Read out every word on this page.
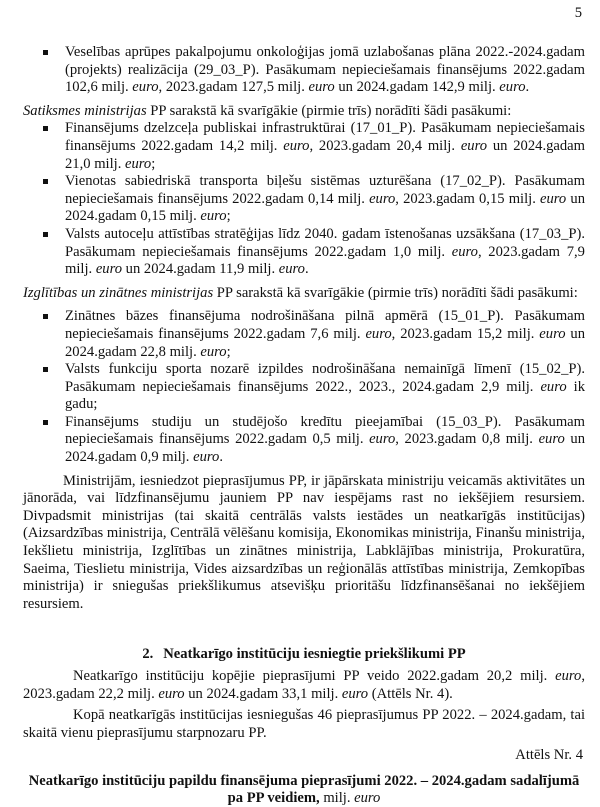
5
Veselības aprūpes pakalpojumu onkoloģijas jomā uzlabošanas plāna 2022.-2024.gadam (projekts) realizācija (29_03_P). Pasākumam nepieciešamais finansējums 2022.gadam 102,6 milj. euro, 2023.gadam 127,5 milj. euro un 2024.gadam 142,9 milj. euro.

Satiksmes ministrijas PP sarakstā kā svarīgākie (pirmie trīs) norādīti šādi pasākumi:

Finansējums dzelzceļa publiskai infrastruktūrai (17_01_P). Pasākumam nepieciešamais finansējums 2022.gadam 14,2 milj. euro, 2023.gadam 20,4 milj. euro un 2024.gadam 21,0 milj. euro;
Vienotas sabiedriskā transporta biļešu sistēmas uzturēšana (17_02_P). Pasākumam nepieciešamais finansējums 2022.gadam 0,14 milj. euro, 2023.gadam 0,15 milj. euro un 2024.gadam 0,15 milj. euro;
Valsts autoceļu attīstības stratēģijas līdz 2040. gadam īstenošanas uzsākšana (17_03_P). Pasākumam nepieciešamais finansējums 2022.gadam 1,0 milj. euro, 2023.gadam 7,9 milj. euro un 2024.gadam 11,9 milj. euro.

Izglītības un zinātnes ministrijas PP sarakstā kā svarīgākie (pirmie trīs) norādīti šādi pasākumi:

Zinātnes bāzes finansējuma nodrošināšana pilnā apmērā (15_01_P). Pasākumam nepieciešamais finansējums 2022.gadam 7,6 milj. euro, 2023.gadam 15,2 milj. euro un 2024.gadam 22,8 milj. euro;
Valsts funkciju sporta nozarē izpildes nodrošināšana nemainīgā līmenī (15_02_P). Pasākumam nepieciešamais finansējums 2022., 2023., 2024.gadam 2,9 milj. euro ik gadu;
Finansējums studiju un studējošo kredītu pieejamībai (15_03_P). Pasākumam nepieciešamais finansējums 2022.gadam 0,5 milj. euro, 2023.gadam 0,8 milj. euro un 2024.gadam 0,9 milj. euro.

Ministrijām, iesniedzot pieprasījumus PP, ir jāpārskata ministriju veicamās aktivitātes un jānorāda, vai līdzfinansējumu jauniem PP nav iespējams rast no iekšējiem resursiem. Divpadsmit ministrijas (tai skaitā centrālās valsts iestādes un neatkarīgās institūcijas) (Aizsardzības ministrija, Centrālā vēlēšanu komisija, Ekonomikas ministrija, Finanšu ministrija, Iekšlietu ministrija, Izglītības un zinātnes ministrija, Labklājības ministrija, Prokuratūra, Saeima, Tieslietu ministrija, Vides aizsardzības un reģionālās attīstības ministrija, Zemkopības ministrija) ir sniegušas priekšlikumus atsevišķu prioritāšu līdzfinansēšanai no iekšējiem resursiem.

2. Neatkarīgo institūciju iesniegtie priekšlikumi PP

Neatkarīgo institūciju kopējie pieprasījumi PP veido 2022.gadam 20,2 milj. euro, 2023.gadam 22,2 milj. euro un 2024.gadam 33,1 milj. euro (Attēls Nr. 4).

Kopā neatkarīgās institūcijas iesniegušas 46 pieprasījumus PP 2022. – 2024.gadam, tai skaitā vienu pieprasījumu starpnozaru PP.

Attēls Nr. 4
Neatkarīgo institūciju papildu finansējuma pieprasījumi 2022. – 2024.gadam sadalījumā pa PP veidiem, milj. euro
